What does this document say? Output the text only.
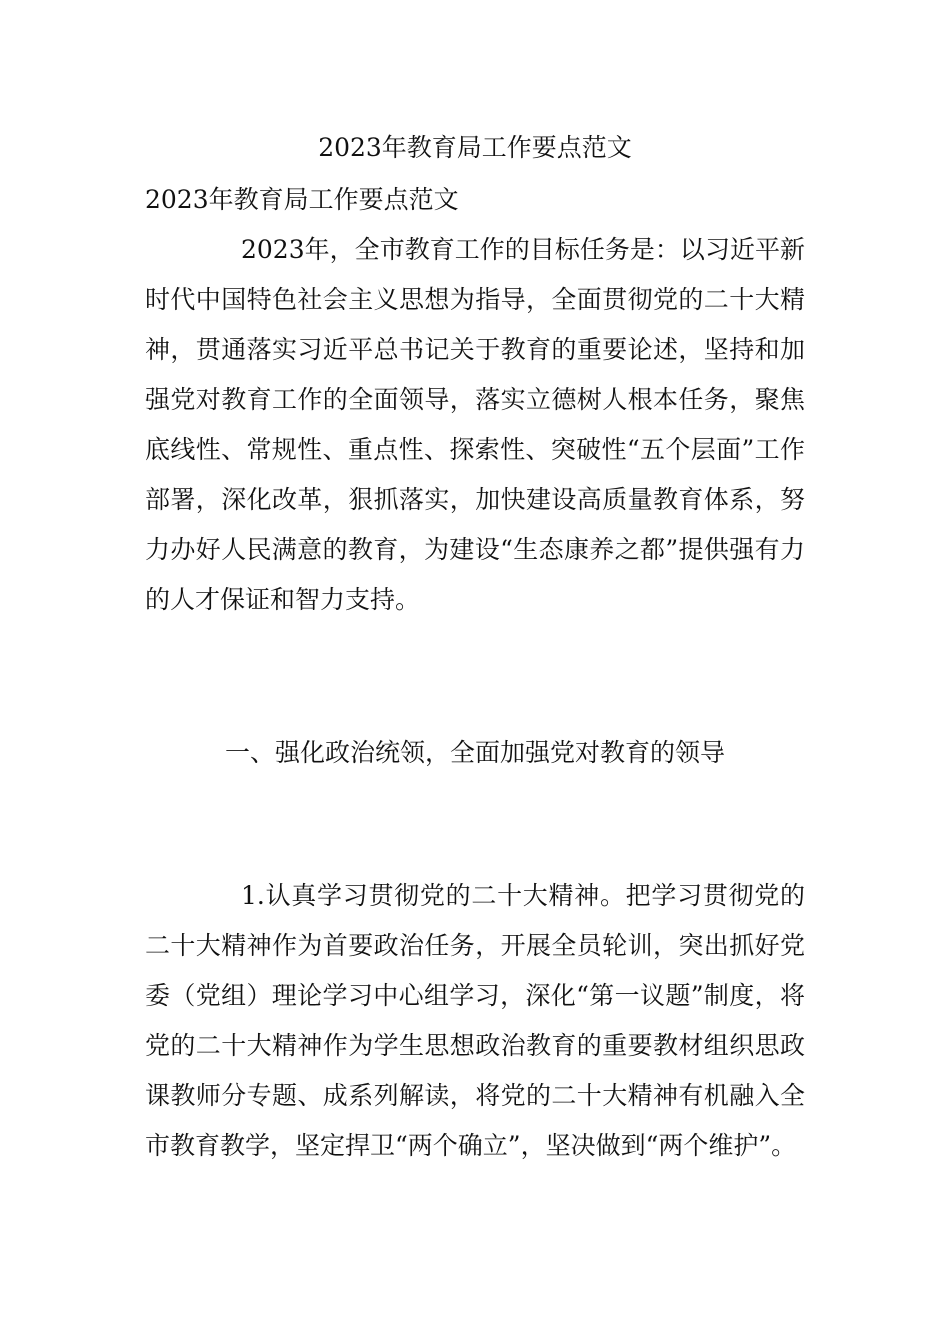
2023年教育局工作要点范文
2023年教育局工作要点范文

2023年，全市教育工作的目标任务是：以习近平新时代中国特色社会主义思想为指导，全面贯彻党的二十大精神，贯通落实习近平总书记关于教育的重要论述，坚持和加强党对教育工作的全面领导，落实立德树人根本任务，聚焦底线性、常规性、重点性、探索性、突破性“五个层面”工作部署，深化改革，狠抓落实，加快建设高质量教育体系，努力办好人民满意的教育，为建设“生态康养之都”提供强有力的人才保证和智力支持。

一、强化政治统领，全面加强党对教育的领导

1.认真学习贯彻党的二十大精神。把学习贯彻党的二十大精神作为首要政治任务，开展全员轮训，突出抓好党委（党组）理论学习中心组学习，深化“第一议题”制度，将党的二十大精神作为学生思想政治教育的重要教材组织思政课教师分专题、成系列解读，将党的二十大精神有机融入全市教育教学，坚定捍卫“两个确立”，坚决做到“两个维护”。
